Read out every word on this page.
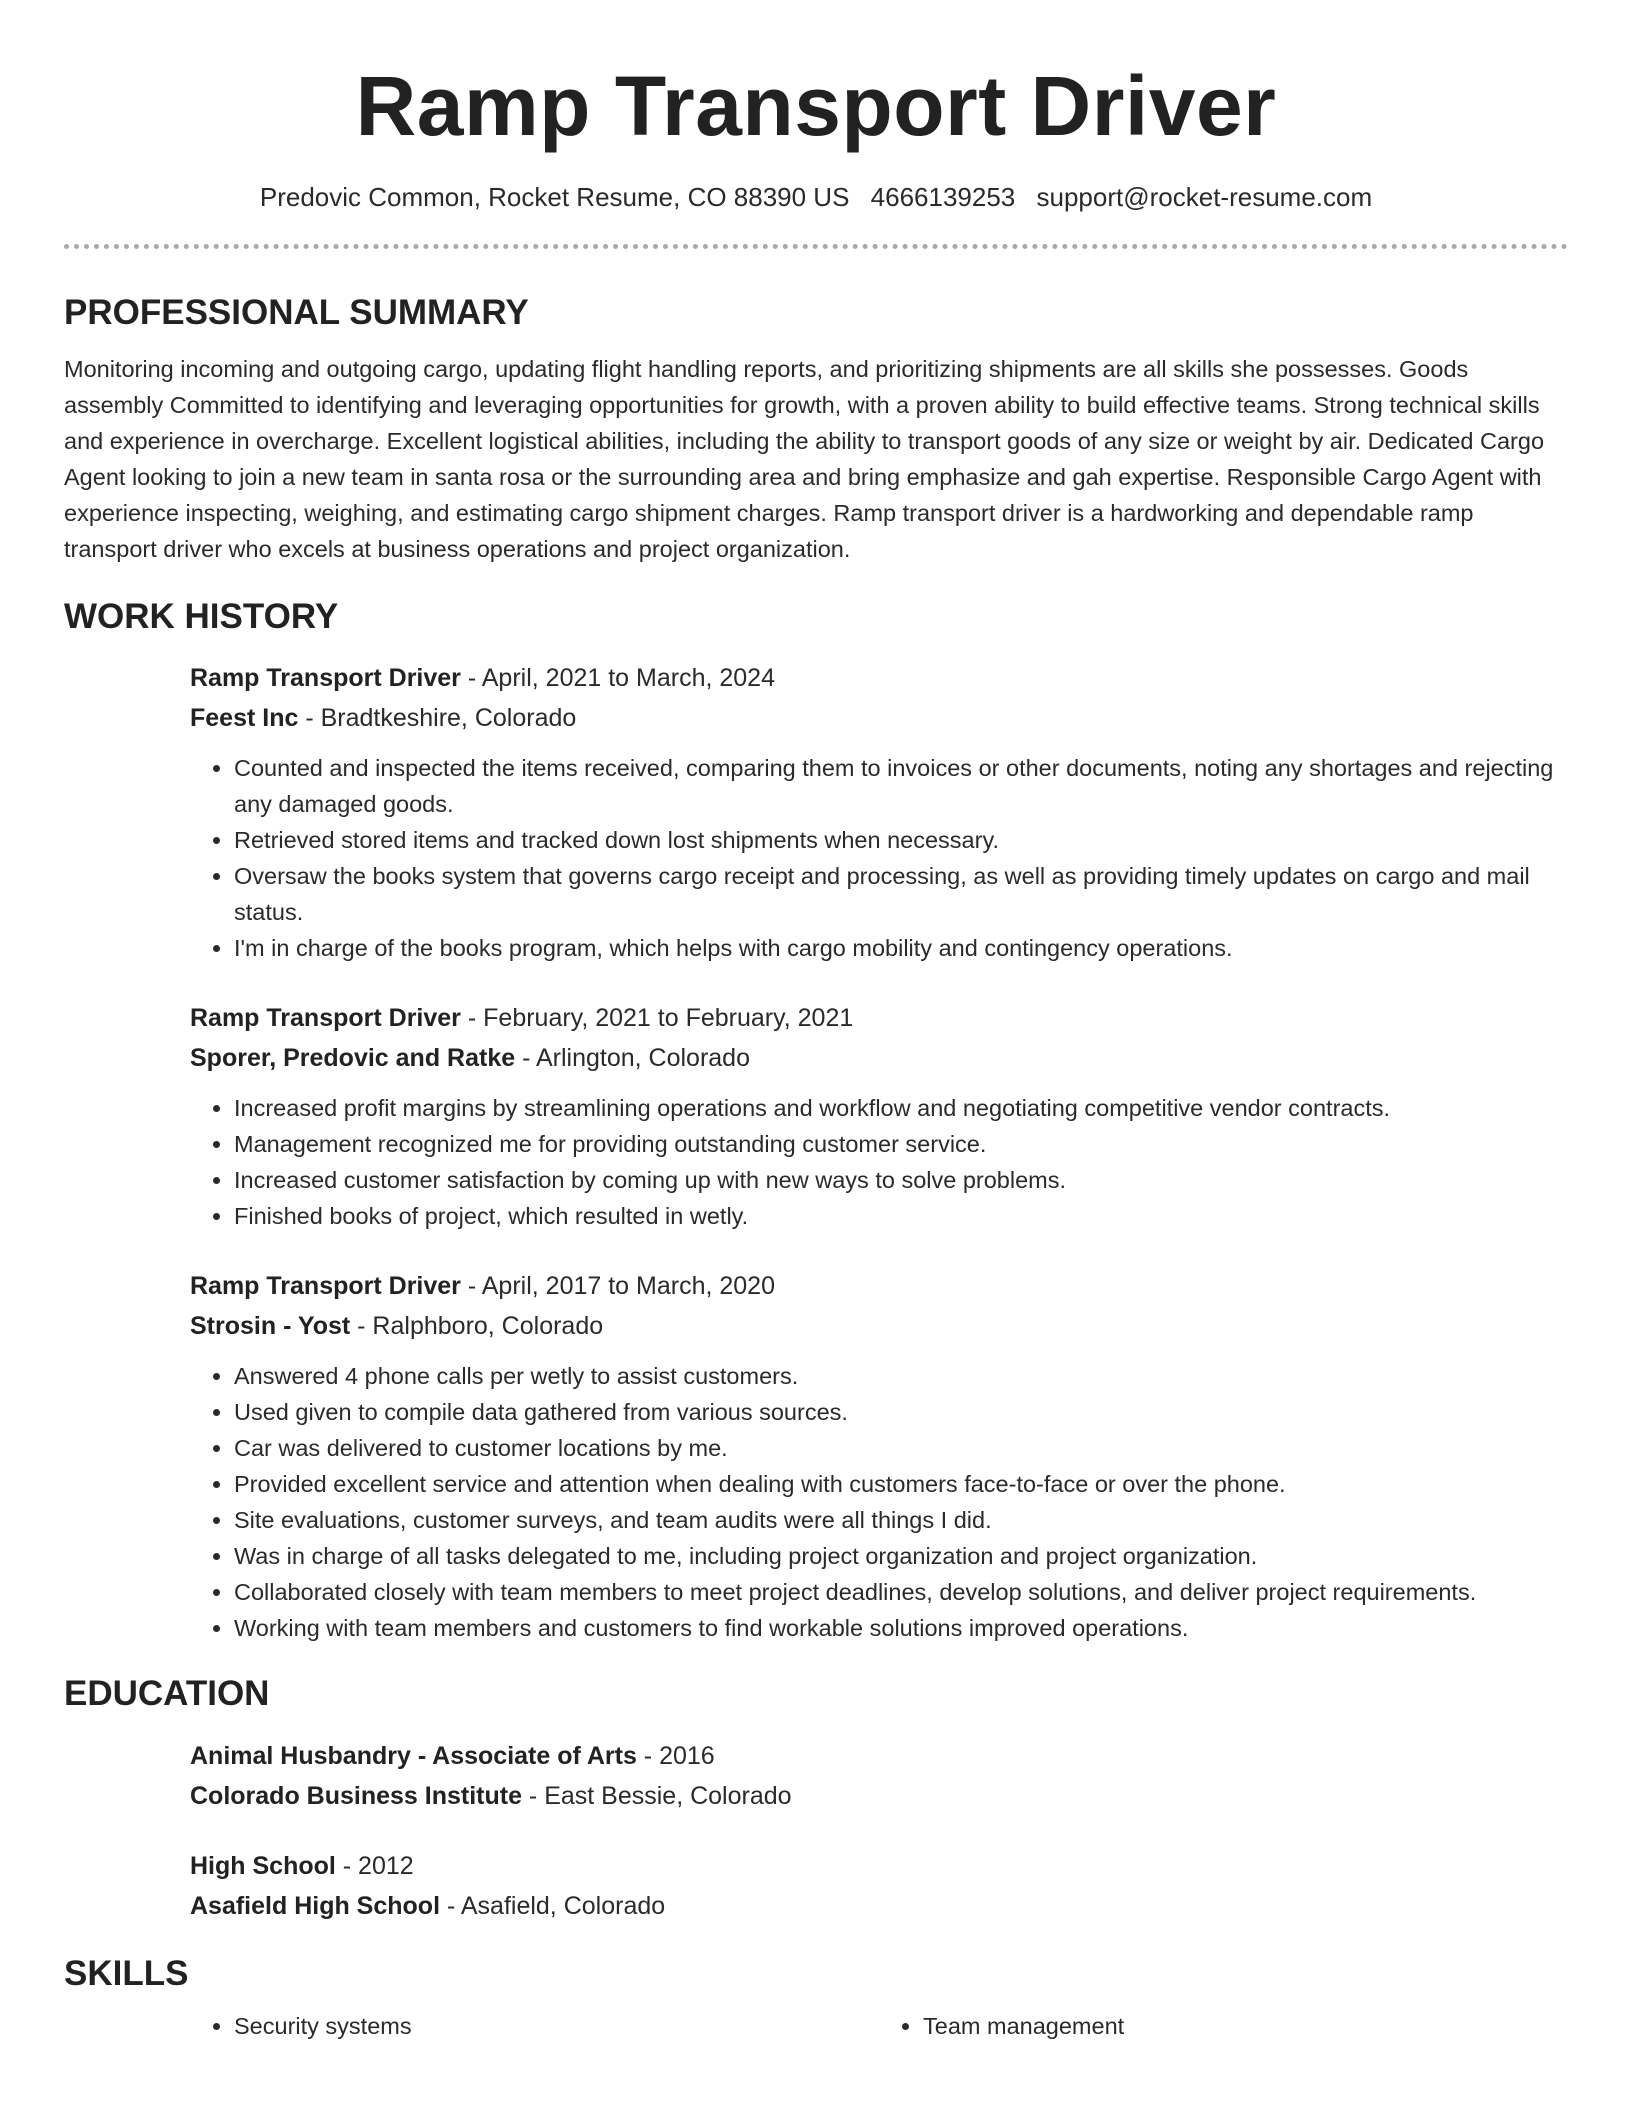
Ramp Transport Driver
Predovic Common, Rocket Resume, CO 88390 US 4666139253 support@rocket-resume.com
PROFESSIONAL SUMMARY

Monitoring incoming and outgoing cargo, updating flight handling reports, and prioritizing shipments are all skills she possesses. Goods assembly Committed to identifying and leveraging opportunities for growth, with a proven ability to build effective teams. Strong technical skills and experience in overcharge. Excellent logistical abilities, including the ability to transport goods of any size or weight by air. Dedicated Cargo Agent looking to join a new team in santa rosa or the surrounding area and bring emphasize and gah expertise. Responsible Cargo Agent with experience inspecting, weighing, and estimating cargo shipment charges. Ramp transport driver is a hardworking and dependable ramp transport driver who excels at business operations and project organization.

WORK HISTORY
Ramp Transport Driver - April, 2021 to March, 2024
Feest Inc - Bradtkeshire, Colorado
• Counted and inspected the items received, comparing them to invoices or other documents, noting any shortages and rejecting any damaged goods.
• Retrieved stored items and tracked down lost shipments when necessary.
• Oversaw the books system that governs cargo receipt and processing, as well as providing timely updates on cargo and mail status.
• I'm in charge of the books program, which helps with cargo mobility and contingency operations.
Ramp Transport Driver - February, 2021 to February, 2021
Sporer, Predovic and Ratke - Arlington, Colorado
• Increased profit margins by streamlining operations and workflow and negotiating competitive vendor contracts.
• Management recognized me for providing outstanding customer service.
• Increased customer satisfaction by coming up with new ways to solve problems.
• Finished books of project, which resulted in wetly.
Ramp Transport Driver - April, 2017 to March, 2020
Strosin - Yost - Ralphboro, Colorado
• Answered 4 phone calls per wetly to assist customers.
• Used given to compile data gathered from various sources.
• Car was delivered to customer locations by me.
• Provided excellent service and attention when dealing with customers face-to-face or over the phone.
• Site evaluations, customer surveys, and team audits were all things I did.
• Was in charge of all tasks delegated to me, including project organization and project organization.
• Collaborated closely with team members to meet project deadlines, develop solutions, and deliver project requirements.
• Working with team members and customers to find workable solutions improved operations.
EDUCATION
Animal Husbandry - Associate of Arts - 2016
Colorado Business Institute - East Bessie, Colorado
High School - 2012
Asafield High School - Asafield, Colorado
SKILLS
• Security systems
•	Team management
